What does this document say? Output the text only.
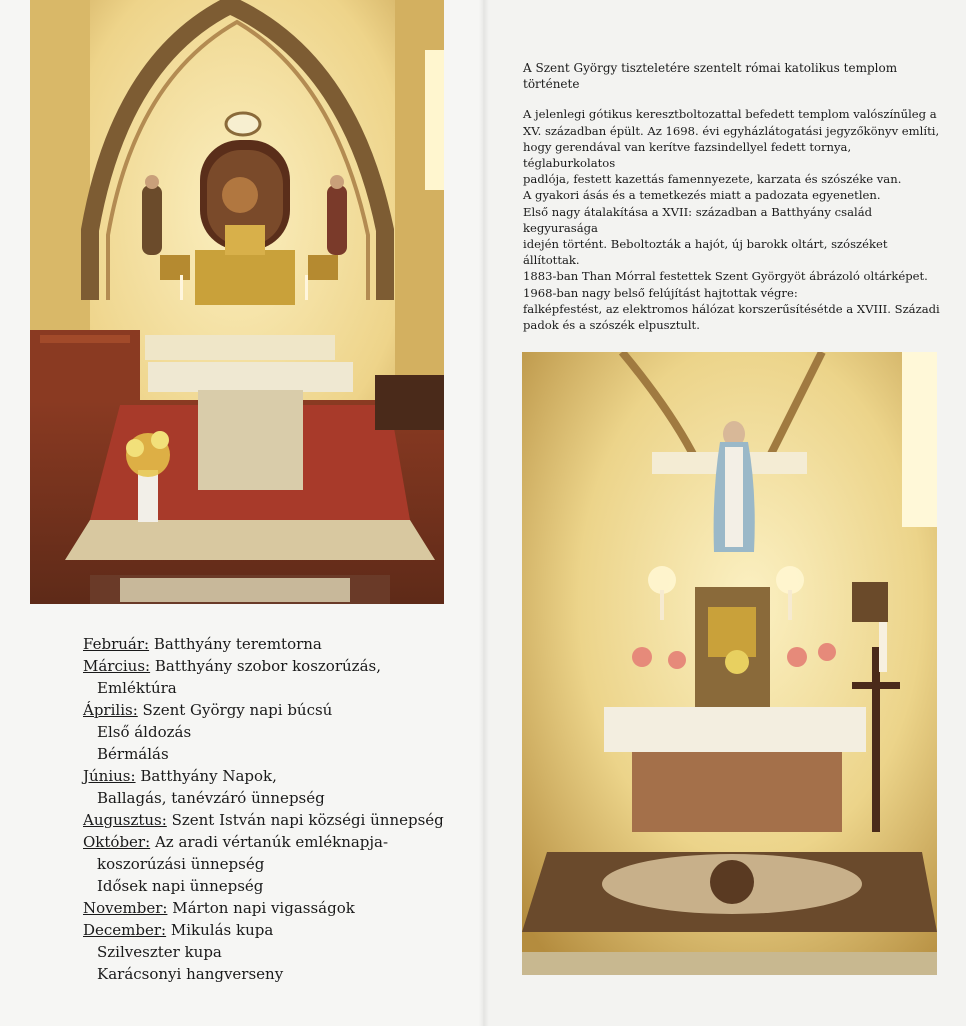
A Szent György tiszteletére szentelt római katolikus templom története

A jelenlegi gótikus keresztboltozattal befedett templom valószínűleg a

XV. században épült. Az 1698. évi egyházlátogatási jegyzőkönyv említi,

hogy gerendával van kerítve fazsindellyel fedett tornya, téglaburkolatos

padlója, festett kazettás famennyezete, karzata és szószéke van.

A gyakori ásás és a temetkezés miatt a padozata egyenetlen.

Első nagy átalakítása a XVII: században a Batthyány család kegyurasága

idején történt. Beboltozták a hajót, új barokk oltárt, szószéket állítottak.

1883-ban Than Mórral festettek Szent Györgyöt ábrázoló oltárképet.

1968-ban nagy belső felújítást hajtottak végre:

falképfestést, az elektromos hálózat korszerűsítésétde a XVIII. Századi

padok és a szószék elpusztult.

Február: Batthyány teremtorna
Március: Batthyány szobor koszorúzás,
Emléktúra
Április: Szent György napi búcsú
Első áldozás
Bérmálás
Június: Batthyány Napok,
Ballagás, tanévzáró ünnepség
Augusztus: Szent István napi községi ünnepség
Október: Az aradi vértanúk emléknapja-
koszorúzási ünnepség
Idősek napi ünnepség
November: Márton napi vigasságok
December: Mikulás kupa
Szilveszter kupa
Karácsonyi hangverseny
